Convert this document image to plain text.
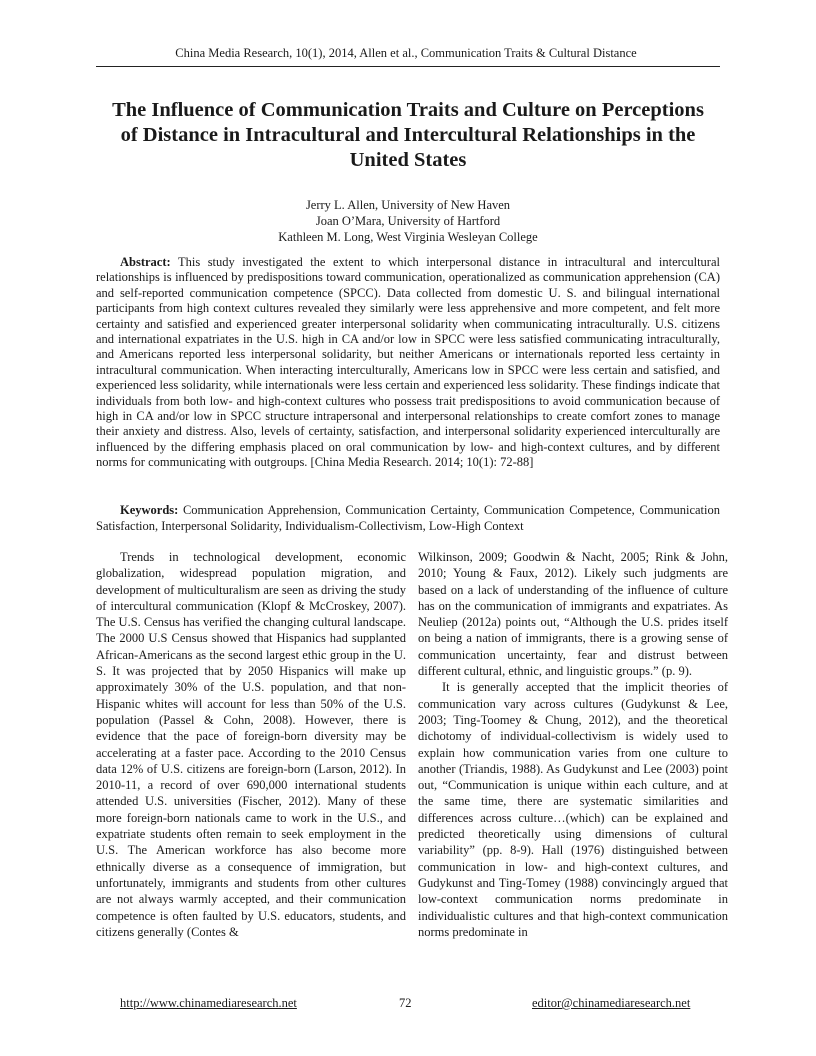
China Media Research, 10(1), 2014, Allen et al., Communication Traits & Cultural Distance
The Influence of Communication Traits and Culture on Perceptions
of Distance in Intracultural and Intercultural Relationships in the
United States
Jerry L. Allen, University of New Haven
Joan O’Mara, University of Hartford
Kathleen M. Long, West Virginia Wesleyan College

Abstract: This study investigated the extent to which interpersonal distance in intracultural and intercultural relationships is influenced by predispositions toward communication, operationalized as communication apprehension (CA) and self-reported communication competence (SPCC). Data collected from domestic U. S. and bilingual international participants from high context cultures revealed they similarly were less apprehensive and more competent, and felt more certainty and satisfied and experienced greater interpersonal solidarity when communicating intraculturally. U.S. citizens and international expatriates in the U.S. high in CA and/or low in SPCC were less satisfied communicating intraculturally, and Americans reported less interpersonal solidarity, but neither Americans or internationals reported less certainty in intracultural communication. When interacting interculturally, Americans low in SPCC were less certain and satisfied, and experienced less solidarity, while internationals were less certain and experienced less solidarity. These findings indicate that individuals from both low- and high-context cultures who possess trait predispositions to avoid communication because of high in CA and/or low in SPCC structure intrapersonal and interpersonal relationships to create comfort zones to manage their anxiety and distress. Also, levels of certainty, satisfaction, and interpersonal solidarity experienced interculturally are influenced by the differing emphasis placed on oral communication by low- and high-context cultures, and by different norms for communicating with outgroups. [China Media Research. 2014; 10(1): 72-88]

Keywords: Communication Apprehension, Communication Certainty, Communication Competence, Communication Satisfaction, Interpersonal Solidarity, Individualism-Collectivism, Low-High Context

Trends in technological development, economic globalization, widespread population migration, and development of multiculturalism are seen as driving the study of intercultural communication (Klopf & McCroskey, 2007). The U.S. Census has verified the changing cultural landscape. The 2000 U.S Census showed that Hispanics had supplanted African-Americans as the second largest ethic group in the U. S. It was projected that by 2050 Hispanics will make up approximately 30% of the U.S. population, and that non-Hispanic whites will account for less than 50% of the U.S. population (Passel & Cohn, 2008). However, there is evidence that the pace of foreign-born diversity may be accelerating at a faster pace. According to the 2010 Census data 12% of U.S. citizens are foreign-born (Larson, 2012). In 2010-11, a record of over 690,000 international students attended U.S. universities (Fischer, 2012). Many of these more foreign-born nationals came to work in the U.S., and expatriate students often remain to seek employment in the U.S. The American workforce has also become more ethnically diverse as a consequence of immigration, but unfortunately, immigrants and students from other cultures are not always warmly accepted, and their communication competence is often faulted by U.S. educators, students, and citizens generally (Contes &

Wilkinson, 2009; Goodwin & Nacht, 2005; Rink & John, 2010; Young & Faux, 2012). Likely such judgments are based on a lack of understanding of the influence of culture has on the communication of immigrants and expatriates. As Neuliep (2012a) points out, “Although the U.S. prides itself on being a nation of immigrants, there is a growing sense of communication uncertainty, fear and distrust between different cultural, ethnic, and linguistic groups.” (p. 9).

It is generally accepted that the implicit theories of communication vary across cultures (Gudykunst & Lee, 2003; Ting-Toomey & Chung, 2012), and the theoretical dichotomy of individual-collectivism is widely used to explain how communication varies from one culture to another (Triandis, 1988). As Gudykunst and Lee (2003) point out, “Communication is unique within each culture, and at the same time, there are systematic similarities and differences across culture…(which) can be explained and predicted theoretically using dimensions of cultural variability” (pp. 8-9). Hall (1976) distinguished between communication in low- and high-context cultures, and Gudykunst and Ting-Tomey (1988) convincingly argued that low-context communication norms predominate in individualistic cultures and that high-context communication norms predominate in

http://www.chinamediaresearch.net	72	editor@chinamediaresearch.net
